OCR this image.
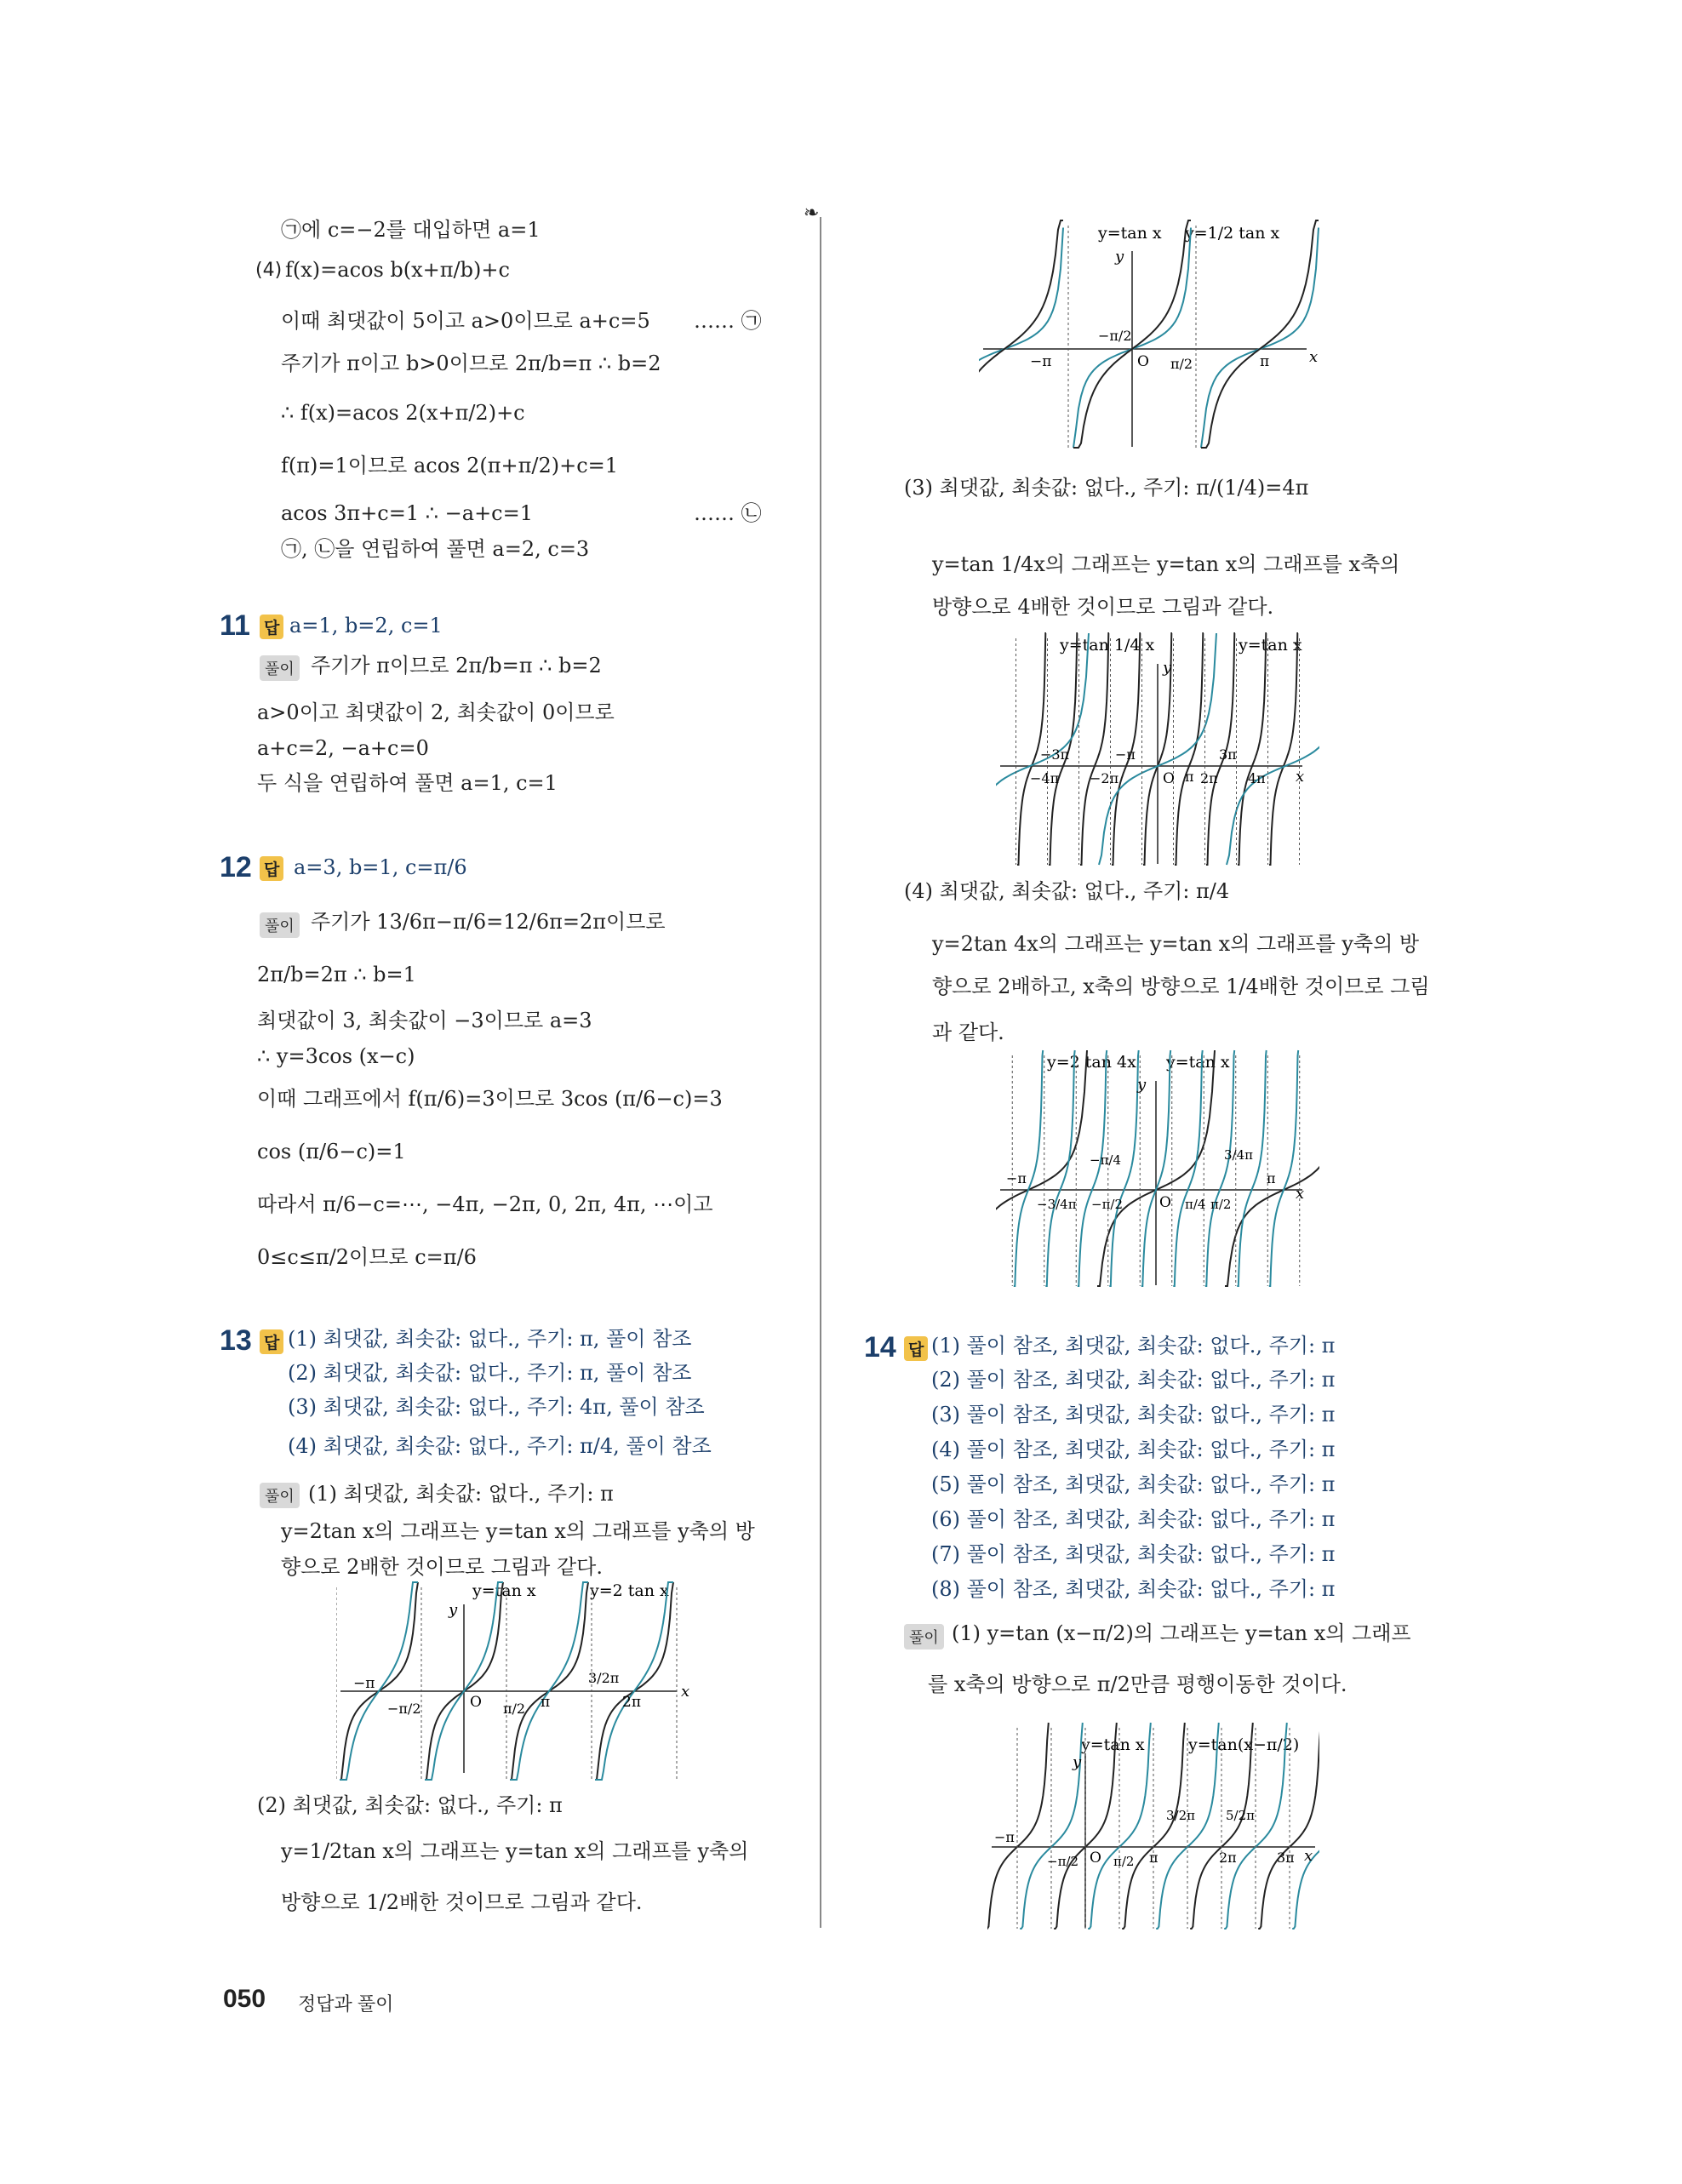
㉠에 c=−2를 대입하면 a=1
(4) f(x)=acos b(x+π/b)+c
이때 최댓값이 5이고 a>0이므로 a+c=5 …… ㉠
주기가 π이고 b>0이므로 2π/b=π ∴ b=2
∴ f(x)=acos 2(x+π/2)+c
f(π)=1이므로 acos 2(π+π/2)+c=1
acos 3π+c=1 ∴ −a+c=1	…… ㉡
㉠, ㉡을 연립하여 풀면 a=2, c=3
11 답 a=1, b=2, c=1
풀이 주기가 π이므로 2π/b=π ∴ b=2
a>0이고 최댓값이 2, 최솟값이 0이므로
a+c=2, −a+c=0
두 식을 연립하여 풀면 a=1, c=1
12 답 a=3, b=1, c=π/6
풀이 주기가 13/6π−π/6=12/6π=2π이므로
2π/b=2π ∴ b=1
최댓값이 3, 최솟값이 −3이므로 a=3
∴ y=3cos (x−c)
이때 그래프에서 f(π/6)=3이므로 3cos (π/6−c)=3
cos (π/6−c)=1
따라서 π/6−c=⋯, −4π, −2π, 0, 2π, 4π, ⋯이고
0≤c≤π/2이므로 c=π/6
13 답 (1) 최댓값, 최솟값: 없다., 주기: π, 풀이 참조
(2) 최댓값, 최솟값: 없다., 주기: π, 풀이 참조
(3) 최댓값, 최솟값: 없다., 주기: 4π, 풀이 참조
(4) 최댓값, 최솟값: 없다., 주기: π/4, 풀이 참조
풀이 (1) 최댓값, 최솟값: 없다., 주기: π
y=2tan x의 그래프는 y=tan x의 그래프를 y축의 방
향으로 2배한 것이므로 그림과 같다.
(2) 최댓값, 최솟값: 없다., 주기: π
y=1/2tan x의 그래프는 y=tan x의 그래프를 y축의
방향으로 1/2배한 것이므로 그림과 같다.
y=tan x	y=2 tan x
x
y
−π
−π/2	O π/2 π
3/2π
2π
❧
y=tan x y=1/2 tan x
x
y
−π
−π/2
O π/2	π
(3) 최댓값, 최솟값: 없다., 주기: π/(1/4)=4π
y=tan 1/4x의 그래프는 y=tan x의 그래프를 x축의
방향으로 4배한 것이므로 그림과 같다.
y=tan 1/4 x	y=tan x
x
y
−3π	−π
−4π −2π	O π
3π
2π 4π
(4) 최댓값, 최솟값: 없다., 주기: π/4
y=2tan 4x의 그래프는 y=tan x의 그래프를 y축의 방
향으로 2배하고, x축의 방향으로 1/4배한 것이므로 그림
과 같다.
y=2 tan 4x y=tan x
x
y
−π
−π/4
−3/4π −π/2	O π/4 π/2
3/4π
π
14 답 (1) 풀이 참조, 최댓값, 최솟값: 없다., 주기: π
(2) 풀이 참조, 최댓값, 최솟값: 없다., 주기: π
(3) 풀이 참조, 최댓값, 최솟값: 없다., 주기: π
(4) 풀이 참조, 최댓값, 최솟값: 없다., 주기: π
(5) 풀이 참조, 최댓값, 최솟값: 없다., 주기: π
(6) 풀이 참조, 최댓값, 최솟값: 없다., 주기: π
(7) 풀이 참조, 최댓값, 최솟값: 없다., 주기: π
(8) 풀이 참조, 최댓값, 최솟값: 없다., 주기: π
풀이 (1) y=tan (x−π/2)의 그래프는 y=tan x의 그래프
를 x축의 방향으로 π/2만큼 평행이동한 것이다.
y=tan x	y=tan(x−π/2)
x
y
−π
−π/2 O π/2 π
3/2π 5/2π
2π	3π
050 정답과 풀이
